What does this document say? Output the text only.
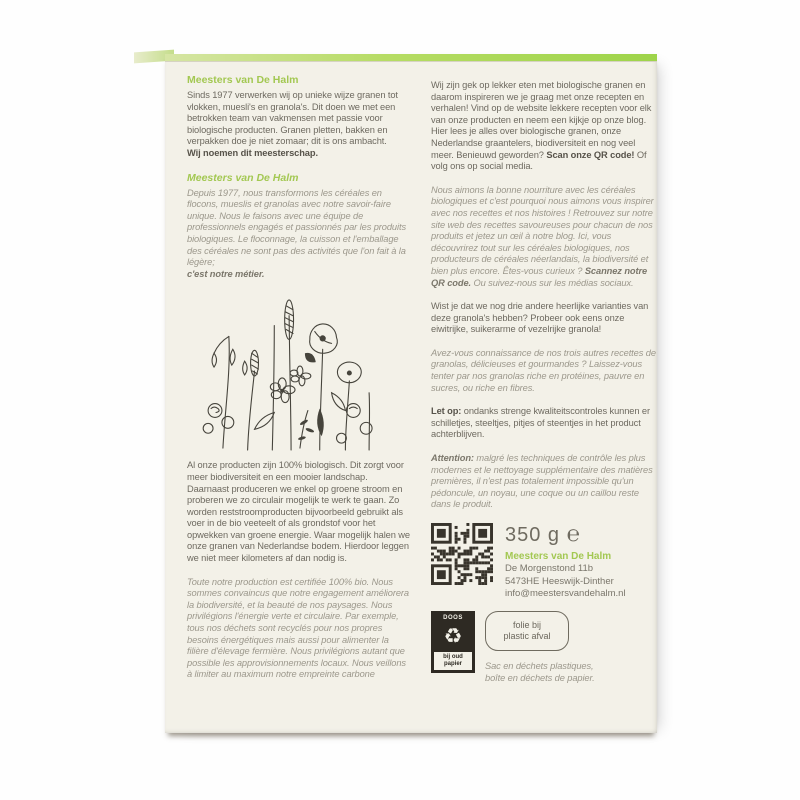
Meesters van De Halm

Sinds 1977 verwerken wij op unieke wijze granen tot vlokken, muesli's en granola's. Dit doen we met een betrokken team van vakmensen met passie voor biologische producten. Granen pletten, bakken en verpakken doe je niet zomaar; dit is ons ambacht.
Wij noemen dit meesterschap.

Meesters van De Halm

Depuis 1977, nous transformons les céréales en flocons, mueslis et granolas avec notre savoir-faire unique. Nous le faisons avec une équipe de professionnels engagés et passionnés par les produits biologiques. Le floconnage, la cuisson et l'emballage des céréales ne sont pas des activités que l'on fait à la légère;
c'est notre métier.

Al onze producten zijn 100% biologisch. Dit zorgt voor meer biodiversiteit en een mooier landschap. Daarnaast produceren we enkel op groene stroom en proberen we zo circulair mogelijk te werk te gaan. Zo worden reststroomproducten bijvoorbeeld gebruikt als voer in de bio veeteelt of als grondstof voor het opwekken van groene energie. Waar mogelijk halen we onze granen van Nederlandse bodem. Hierdoor leggen we niet meer kilometers af dan nodig is.

Toute notre production est certifiée 100% bio. Nous sommes convaincus que notre engagement améliorera la biodiversité, et la beauté de nos paysages. Nous privilégions l'énergie verte et circulaire. Par exemple, tous nos déchets sont recyclés pour nos propres besoins énergétiques mais aussi pour alimenter la filière d'élevage fermière. Nous privilégions autant que possible les approvisionnements locaux. Nous veillons à limiter au maximum notre empreinte carbone

Wij zijn gek op lekker eten met biologische granen en daarom inspireren we je graag met onze recepten en verhalen! Vind op de website lekkere recepten voor elk van onze producten en neem een kijkje op onze blog. Hier lees je alles over biologische granen, onze Nederlandse graantelers, biodiversiteit en nog veel meer. Benieuwd geworden? Scan onze QR code! Of volg ons op social media.

Nous aimons la bonne nourriture avec les céréales biologiques et c'est pourquoi nous aimons vous inspirer avec nos recettes et nos histoires ! Retrouvez sur notre site web des recettes savoureuses pour chacun de nos produits et jetez un œil à notre blog. Ici, vous découvrirez tout sur les céréales biologiques, nos producteurs de céréales néerlandais, la biodiversité et bien plus encore. Êtes-vous curieux ? Scannez notre QR code. Ou suivez-nous sur les médias sociaux.

Wist je dat we nog drie andere heerlijke varianties van deze granola's hebben? Probeer ook eens onze eiwitrijke, suikerarme of vezelrijke granola!

Avez-vous connaissance de nos trois autres recettes de granolas, délicieuses et gourmandes ? Laissez-vous tenter par nos granolas riche en protéines, pauvre en sucres, ou riche en fibres.

Let op: ondanks strenge kwaliteitscontroles kunnen er schilletjes, steeltjes, pitjes of steentjes in het product achterblijven.

Attention: malgré les techniques de contrôle les plus modernes et le nettoyage supplémentaire des matières premières, il n'est pas totalement impossible qu'un pédoncule, un noyau, une coque ou un caillou reste dans le produit.

350 g ℮
Meesters van De Halm
De Morgenstond 11b
5473HE Heeswijk-Dinther
info@meestersvandehalm.nl
DOOS
♻
bij oud
papier
folie bij
plastic afval

Sac en déchets plastiques,
boîte en déchets de papier.
